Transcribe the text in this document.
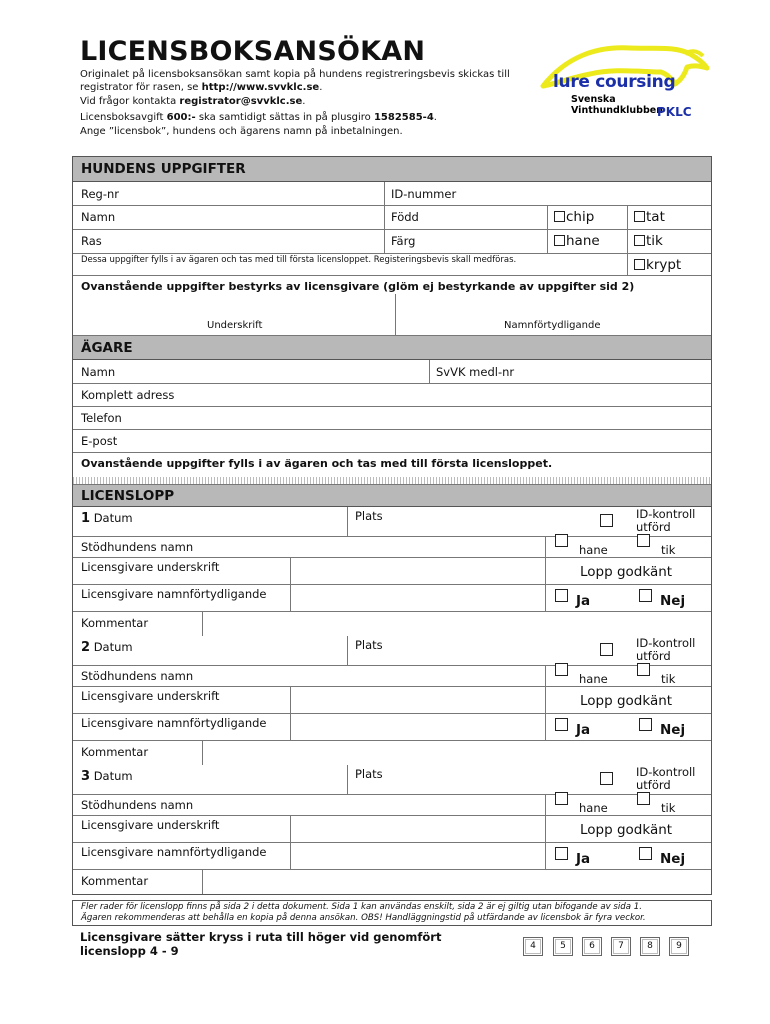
LICENSBOKSANSÖKAN
Originalet på licensboksansökan samt kopia på hundens registreringsbevis skickas till
registrator för rasen, se http://www.svvklc.se.
Vid frågor kontakta registrator@svvklc.se.
Licensboksavgift 600:- ska samtidigt sättas in på plusgiro 1582585-4.
Ange ”licensbok”, hundens och ägarens namn på inbetalningen.
lure coursing
Svenska Vinthundklubben
PKLC
HUNDENS UPPGIFTER
Reg-nr	ID-nummer
Namn	Född	chip	tat
Ras	Färg	hane	tik
Dessa uppgifter fylls i av ägaren och tas med till första licensloppet. Registeringsbevis skall medföras.	krypt
Ovanstående uppgifter bestyrks av licensgivare (glöm ej bestyrkande av uppgifter sid 2)
Underskrift	Namnförtydligande
ÄGARE
Namn	SvVK medl-nr
Komplett adress
Telefon
E-post
Ovanstående uppgifter fylls i av ägaren och tas med till första licensloppet.
LICENSLOPP
1 Datum	Plats	ID-kontroll
utförd
Stödhundens namn	hane	tik
Licensgivare underskrift	Lopp godkänt
Licensgivare namnförtydligande	Ja	Nej
Kommentar
2 Datum	Plats	ID-kontroll
utförd
Stödhundens namn	hane	tik
Licensgivare underskrift	Lopp godkänt
Licensgivare namnförtydligande	Ja	Nej
Kommentar
3 Datum	Plats	ID-kontroll
utförd
Stödhundens namn	hane	tik
Licensgivare underskrift	Lopp godkänt
Licensgivare namnförtydligande	Ja	Nej
Kommentar
Fler rader för licenslopp finns på sida 2 i detta dokument. Sida 1 kan användas enskilt, sida 2 är ej giltig utan bifogande av sida 1.
Ägaren rekommenderas att behålla en kopia på denna ansökan. OBS! Handläggningstid på utfärdande av licensbok är fyra veckor.
Licensgivare sätter kryss i ruta till höger vid genomfört
licenslopp 4 - 9	4	5	6	7	8	9
